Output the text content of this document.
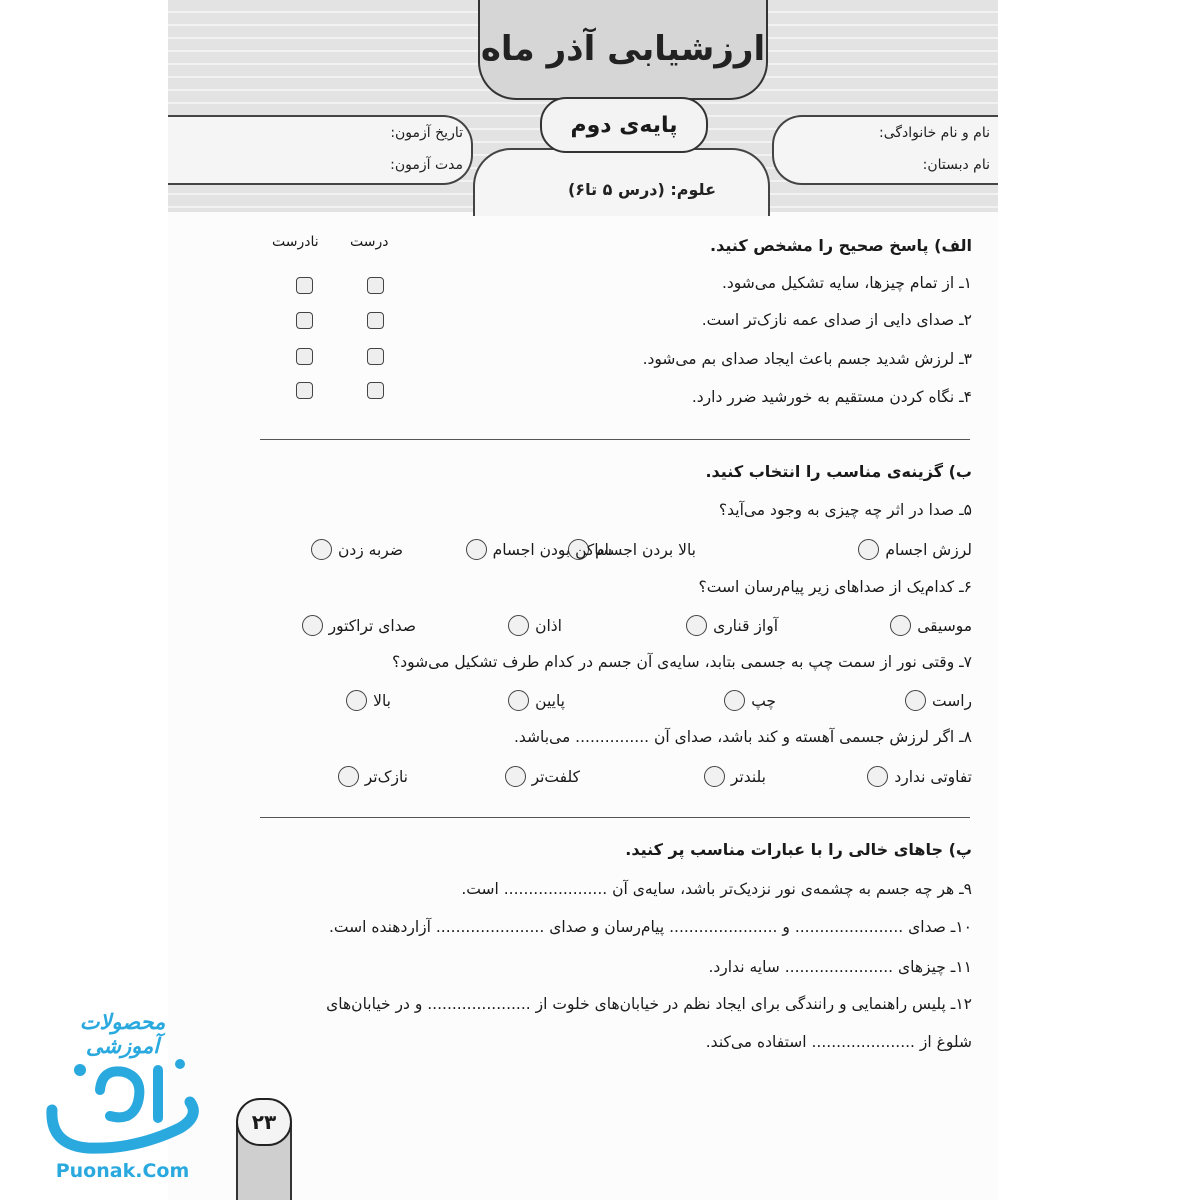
ارزشیابی آذر ماه
تاریخ آزمون:
مدت آزمون:
نام و نام خانوادگی:
نام دبستان:
علوم: (درس ۵ تا۶)
پایه‌ی دوم
الف) پاسخ صحیح را مشخص کنید.
درست
نادرست
۱ـ از تمام چیزها، سایه تشکیل می‌شود.
۲ـ صدای دایی از صدای عمه نازک‌تر است.
۳ـ لرزش شدید جسم باعث ایجاد صدای بم می‌شود.
۴ـ نگاه کردن مستقیم به خورشید ضرر دارد.
ب) گزینه‌ی مناسب را انتخاب کنید.
۵ـ صدا در اثر چه چیزی به وجود می‌آید؟
لرزش اجسام
بالا بردن اجسام
ساکن بودن اجسام
ضربه زدن
۶ـ کدام‌یک از صداهای زیر پیام‌رسان است؟
موسیقی
آواز قناری
اذان
صدای تراکتور
۷ـ وقتی نور از سمت چپ به جسمی بتابد، سایه‌ی آن جسم در کدام طرف تشکیل می‌شود؟
راست
چپ
پایین
بالا
۸ـ اگر لرزش جسمی آهسته و کند باشد، صدای آن ............... می‌باشد.
تفاوتی ندارد
بلندتر
کلفت‌تر
نازک‌تر
پ) جاهای خالی را با عبارات مناسب پر کنید.
۹ـ هر چه جسم به چشمه‌ی نور نزدیک‌تر باشد، سایه‌ی آن ..................... است.
۱۰ـ صدای ...................... و ...................... پیام‌رسان و صدای ...................... آزاردهنده است.
۱۱ـ چیزهای ...................... سایه ندارد.
۱۲ـ پلیس راهنمایی و رانندگی برای ایجاد نظم در خیابان‌های خلوت از ..................... و در خیابان‌های
شلوغ از ..................... استفاده می‌کند.
۲۳
محصولات آموزشی
Puonak.Com
